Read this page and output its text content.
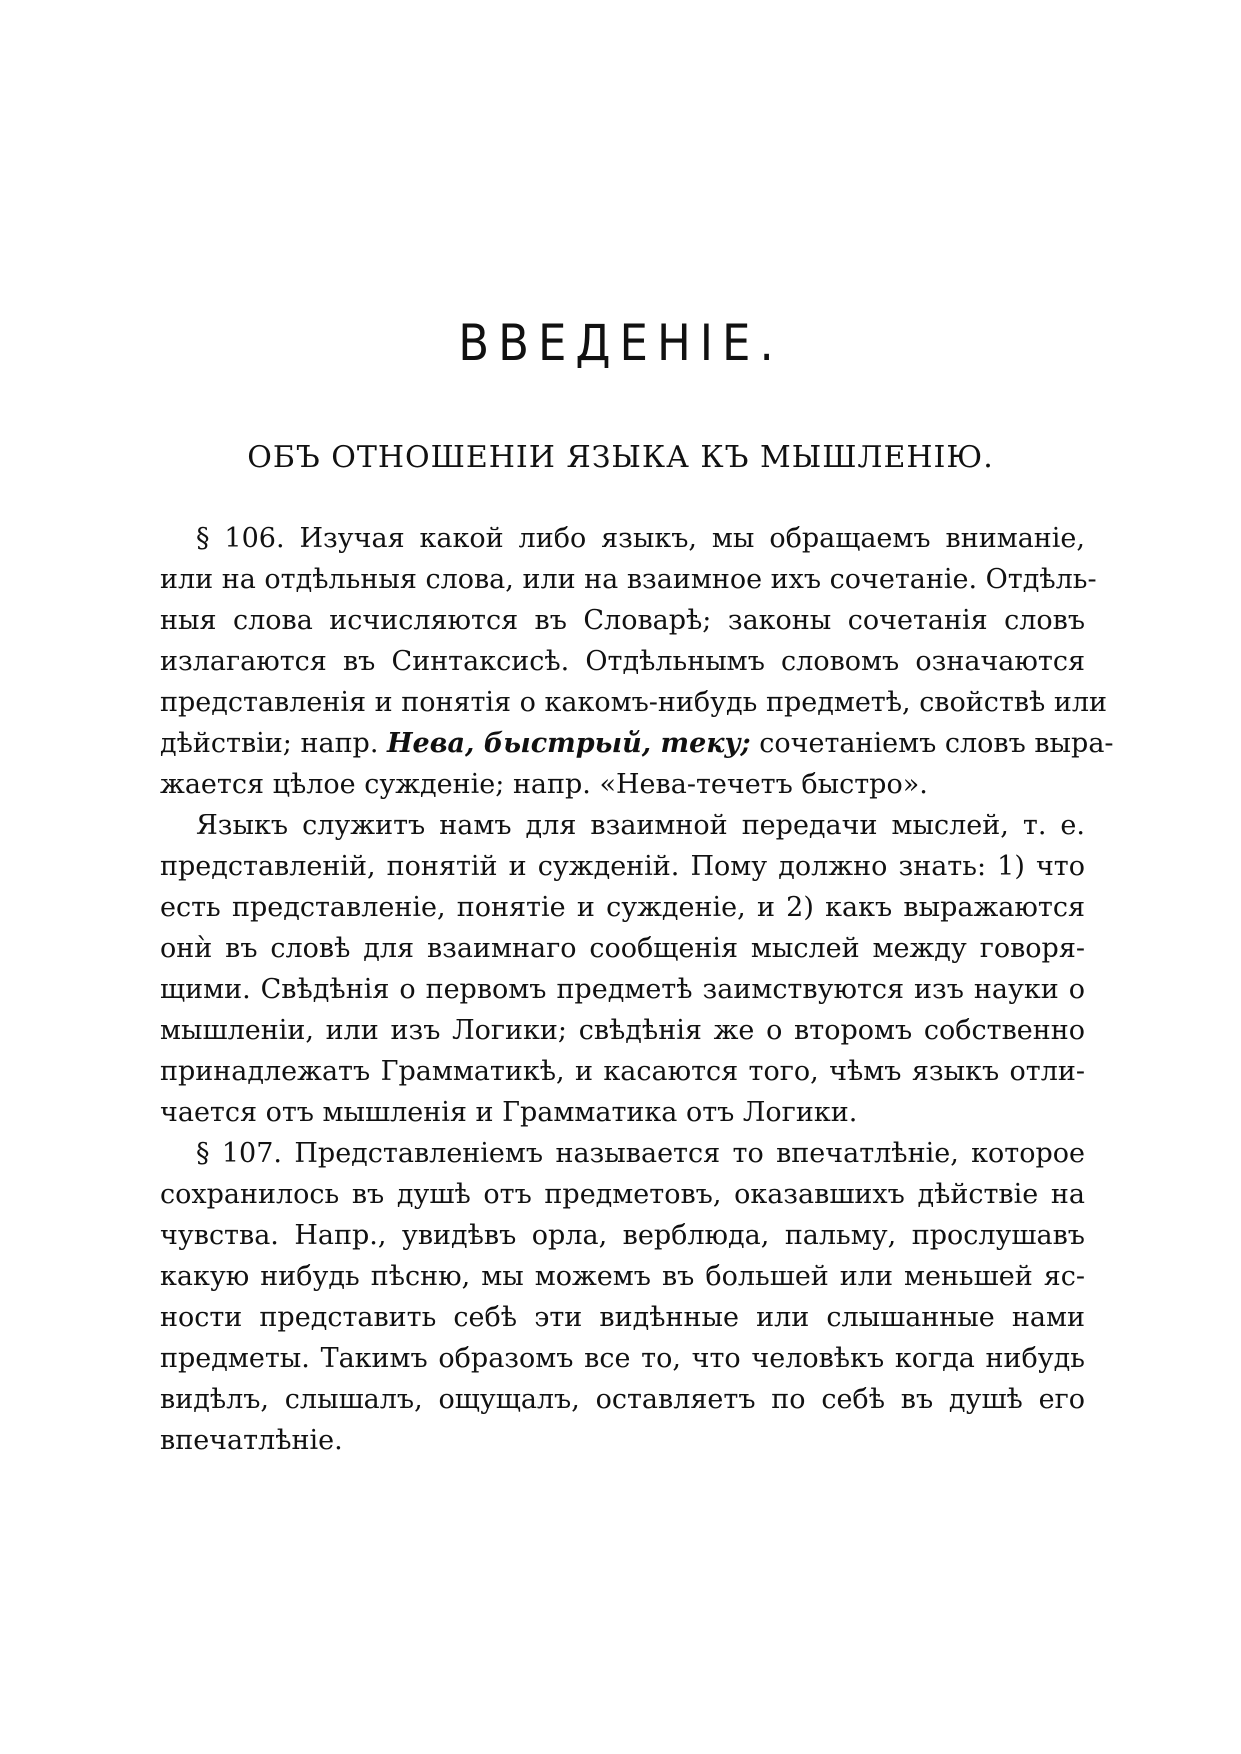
ВВЕДЕНІЕ.
ОБЪ ОТНОШЕНІИ ЯЗЫКА КЪ МЫШЛЕНІЮ.
§ 106. Изучая какой либо языкъ, мы обращаемъ вниманіе,
или на отдѣльныя слова, или на взаимное ихъ сочетаніе. Отдѣль-
ныя слова исчисляются въ Словарѣ; законы сочетанія словъ
излагаются въ Синтаксисѣ. Отдѣльнымъ словомъ означаются
представленія и понятія о какомъ-нибудь предметѣ, свойствѣ или
дѣйствіи; напр. Нева, быстрый, теку; сочетаніемъ словъ выра-
жается цѣлое сужденіе; напр. «Нева-течетъ быстро».
Языкъ служитъ намъ для взаимной передачи мыслей, т. е.
представленій, понятій и сужденій. Пому должно знать: 1) что
есть представленіе, понятіе и сужденіе, и 2) какъ выражаются
онѝ въ словѣ для взаимнаго сообщенія мыслей между говоря-
щими. Свѣдѣнія о первомъ предметѣ заимствуются изъ науки о
мышленіи, или изъ Логики; свѣдѣнія же о второмъ собственно
принадлежатъ Грамматикѣ, и касаются того, чѣмъ языкъ отли-
чается отъ мышленія и Грамматика отъ Логики.
§ 107. Представленіемъ называется то впечатлѣніе, которое
сохранилось въ душѣ отъ предметовъ, оказавшихъ дѣйствіе на
чувства. Напр., увидѣвъ орла, верблюда, пальму, прослушавъ
какую нибудь пѣсню, мы можемъ въ большей или меньшей яс-
ности представить себѣ эти видѣнные или слышанные нами
предметы. Такимъ образомъ все то, что человѣкъ когда нибудь
видѣлъ, слышалъ, ощущалъ, оставляетъ по себѣ въ душѣ его
впечатлѣніе.
